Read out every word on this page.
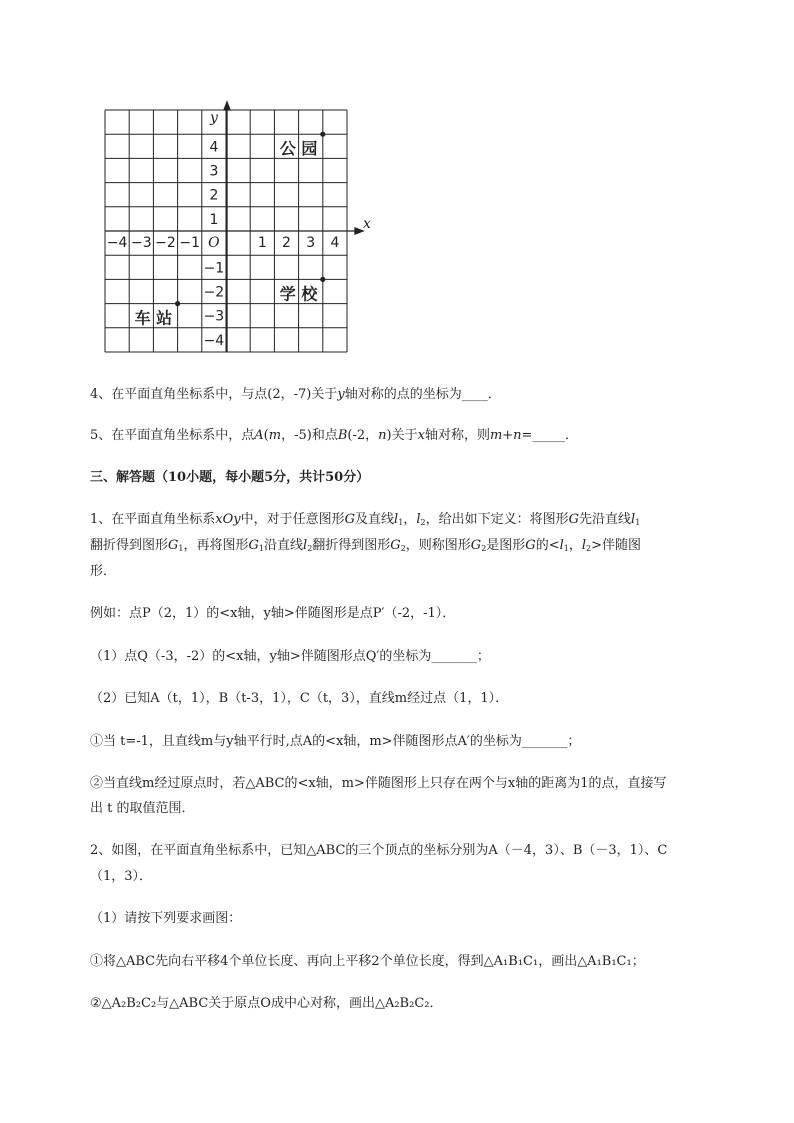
y
x
O
−4 −3 −2 −1	1 2 3 4
4
3
2
1
−1
−2
−3
−4
公 园
学 校
车 站
4、在平面直角坐标系中，与点(2，-7)关于y轴对称的点的坐标为____．
5、在平面直角坐标系中，点A(m，-5)和点B(-2，n)关于x轴对称，则m+n=_____．
三、解答题（10小题，每小题5分，共计50分）
1、在平面直角坐标系xOy中，对于任意图形G及直线$l_1$，$l_2$，给出如下定义：将图形G先沿直线$l_1$
翻折得到图形$G_1$，再将图形$G_1$沿直线$l_2$翻折得到图形$G_2$，则称图形$G_2$是图形G的$<l_1$，$l_2>$伴随图
形．
例如：点P（2，1）的<x轴，y轴>伴随图形是点P′（-2，-1）．
（1）点Q（-3，-2）的<x轴，y轴>伴随图形点Q′的坐标为_______；
（2）已知A（t，1），B（t-3，1），C（t，3），直线m经过点（1，1）．
①当 t=-1，且直线m与y轴平行时,点A的<x轴，m>伴随图形点A′的坐标为_______；
②当直线m经过原点时，若△ABC的<x轴，m>伴随图形上只存在两个与x轴的距离为1的点，直接写
出 t 的取值范围．
2、如图，在平面直角坐标系中，已知△ABC的三个顶点的坐标分别为A（－4，3）、B（－3，1）、C
（1，3）．
（1）请按下列要求画图：
①将△ABC先向右平移4个单位长度、再向上平移2个单位长度，得到△A₁B₁C₁，画出△A₁B₁C₁；
②△A₂B₂C₂与△ABC关于原点O成中心对称，画出△A₂B₂C₂．
